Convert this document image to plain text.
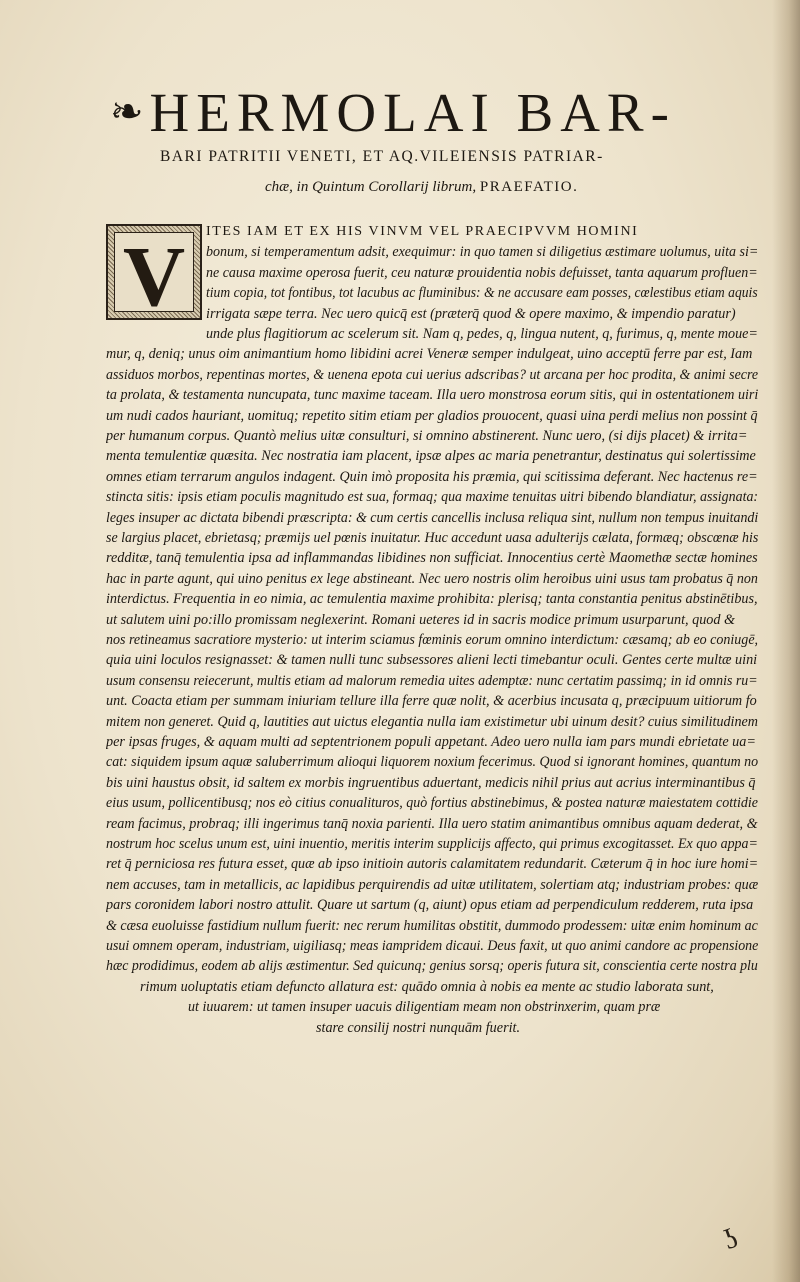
❧ HERMOLAI BAR-
BARI PATRITII VENETI, ET AQ.VILEIENSIS PATRIAR-
chæ, in Quintum Corollarij librum, PRAEFATIO.
V	ITES IAM ET EX HIS VINVM VEL PRAECIPVVM HOMINI
bonum, si temperamentum adsit, exequimur: in quo tamen si diligetius æstimare uolumus, uita si=
ne causa maxime operosa fuerit, ceu naturæ prouidentia nobis defuisset, tanta aquarum profluen=
tium copia, tot fontibus, tot lacubus ac fluminibus: & ne accusare eam posses, cœlestibus etiam aquis
irrigata sæpe terra. Nec uero quicq̄ est (præterq̄ quod & opere maximo, & impendio paratur)
unde plus flagitiorum ac scelerum sit. Nam q, pedes, q, lingua nutent, q, furimus, q, mente moue=
mur, q, deniq; unus oim animantium homo libidini acrei Veneræ semper indulgeat, uino acceptū ferre par est, Iam
assiduos morbos, repentinas mortes, & uenena epota cui uerius adscribas? ut arcana per hoc prodita, & animi secre
ta prolata, & testamenta nuncupata, tunc maxime taceam. Illa uero monstrosa eorum sitis, qui in ostentationem uiri
um nudi cados hauriant, uomituq; repetito sitim etiam per gladios prouocent, quasi uina perdi melius non possint q̄
per humanum corpus. Quantò melius uitæ consulturi, si omnino abstinerent. Nunc uero, (si dijs placet) & irrita=
menta temulentiæ quæsita. Nec nostratia iam placent, ipsæ alpes ac maria penetrantur, destinatus qui solertissime
omnes etiam terrarum angulos indagent. Quin imò proposita his præmia, qui scitissima deferant. Nec hactenus re=
stincta sitis: ipsis etiam poculis magnitudo est sua, formaq; qua maxime tenuitas uitri bibendo blandiatur, assignata:
leges insuper ac dictata bibendi præscripta: & cum certis cancellis inclusa reliqua sint, nullum non tempus inuitandi
se largius placet, ebrietasq; præmijs uel pœnis inuitatur. Huc accedunt uasa adulterijs cælata, formæq; obscœnæ his
redditæ, tanq̄ temulentia ipsa ad inflammandas libidines non sufficiat. Innocentius certè Maomethæ sectæ homines
hac in parte agunt, qui uino penitus ex lege abstineant. Nec uero nostris olim heroibus uini usus tam probatus q̄ non
interdictus. Frequentia in eo nimia, ac temulentia maxime prohibita: plerisq; tanta constantia penitus abstinētibus,
ut salutem uini po:illo promissam neglexerint. Romani ueteres id in sacris modice primum usurparunt, quod &
nos retineamus sacratiore mysterio: ut interim sciamus fœminis eorum omnino interdictum: cæsamq; ab eo coniugē,
quia uini loculos resignasset: & tamen nulli tunc subsessores alieni lecti timebantur oculi. Gentes certe multæ uini
usum consensu reiecerunt, multis etiam ad malorum remedia uites ademptæ: nunc certatim passimq; in id omnis ru=
unt. Coacta etiam per summam iniuriam tellure illa ferre quæ nolit, & acerbius incusata q, præcipuum uitiorum fo
mitem non generet. Quid q, lautities aut uictus elegantia nulla iam existimetur ubi uinum desit? cuius similitudinem
per ipsas fruges, & aquam multi ad septentrionem populi appetant. Adeo uero nulla iam pars mundi ebrietate ua=
cat: siquidem ipsum aquæ saluberrimum alioqui liquorem noxium fecerimus. Quod si ignorant homines, quantum no
bis uini haustus obsit, id saltem ex morbis ingruentibus aduertant, medicis nihil prius aut acrius interminantibus q̄
eius usum, pollicentibusq; nos eò citius conualituros, quò fortius abstinebimus, & postea naturæ maiestatem cottidie
ream facimus, probraq; illi ingerimus tanq̄ noxia parienti. Illa uero statim animantibus omnibus aquam dederat, &
nostrum hoc scelus unum est, uini inuentio, meritis interim supplicijs affecto, qui primus excogitasset. Ex quo appa=
ret q̄ perniciosa res futura esset, quæ ab ipso initioin autoris calamitatem redundarit. Cæterum q̄ in hoc iure homi=
nem accuses, tam in metallicis, ac lapidibus perquirendis ad uitæ utilitatem, solertiam atq; industriam probes: quæ
pars coronidem labori nostro attulit. Quare ut sartum (q, aiunt) opus etiam ad perpendiculum redderem, ruta ipsa
& cæsa euoluisse fastidium nullum fuerit: nec rerum humilitas obstitit, dummodo prodessem: uitæ enim hominum ac
usui omnem operam, industriam, uigiliasq; meas iampridem dicaui. Deus faxit, ut quo animi candore ac propensione
hæc prodidimus, eodem ab alijs æstimentur. Sed quicunq; genius sorsq; operis futura sit, conscientia certe nostra plu
rimum uoluptatis etiam defuncto allatura est: quādo omnia à nobis ea mente ac studio laborata sunt,
ut iuuarem: ut tamen insuper uacuis diligentiam meam non obstrinxerim, quam præ
stare consilij nostri nunquām fuerit.
ʖ
